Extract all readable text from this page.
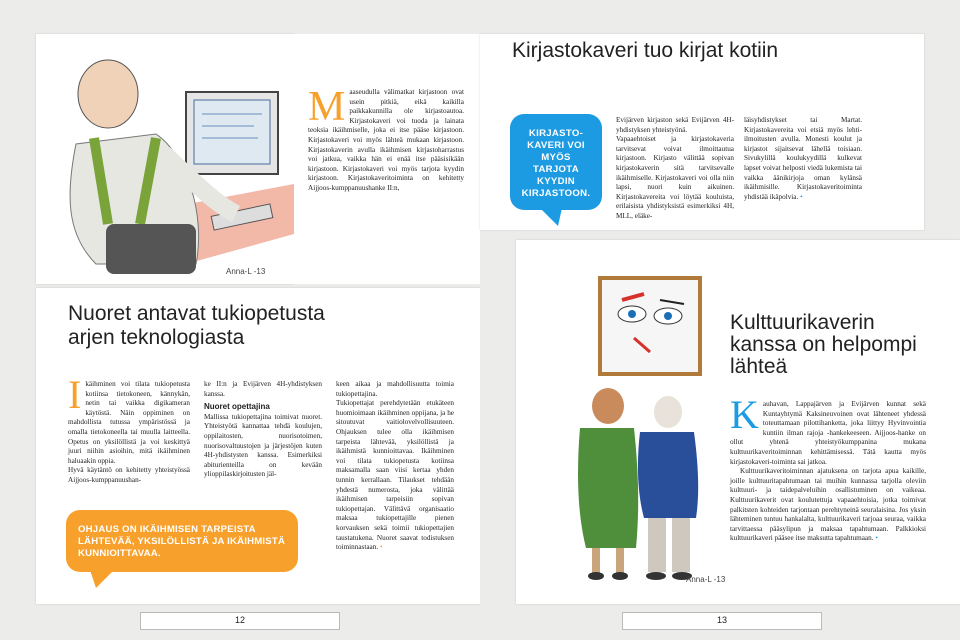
Anna-L -13
M aaseudulla välimatkat kirjastoon ovat usein pitkiä, eikä kaikilla paikkakunnilla ole kirjastoautoa. Kirjastokaveri voi tuoda ja lainata teoksia ikäihmiselle, joka ei itse pääse kirjastoon. Kirjastokaveri voi myös lähteä mukaan kirjastoon. Kirjastokaverin avulla ikäihmisen kirjastoharrastus voi jatkua, vaikka hän ei enää itse pääsisikään kirjastoon. Kirjastokaveri voi myös tarjota kyydin kirjastoon. Kirjastokaveritoiminta on kehitetty Aijjoos-kumppanuushanke II:n,
Nuoret antavat tukiopetusta arjen teknologiasta
I käihminen voi tilata tukiopetusta kotiinsa tietokoneen, kännykän, netin tai vaikka digikameran käytöstä. Näin oppiminen on mahdollista tutussa ympäristössä ja omalla tietokoneella tai muulla laitteella. Opetus on yksilöllistä ja voi keskittyä juuri niihin asioihin, mitä ikäihminen haluaakin oppia.
Hyvä käytäntö on kehitetty yhteistyössä Aijjoos-kumppanuushan-

ke II:n ja Evijärven 4H-yhdistyksen kanssa.

Nuoret opettajina

Mallissa tukiopettajina toimivat nuoret. Yhteistyötä kannattaa tehdä koulujen, oppilaitosten, nuorisotoimen, nuorisovaltuustojen ja järjestöjen kuten 4H-yhdistysten kanssa. Esimerkiksi abiturienteilla on kevään ylioppilaskirjoitusten jäl-

keen aikaa ja mahdollisuutta toimia tukiopettajina.
Tukiopettajat perehdytetään etukäteen huomioimaan ikäihminen oppijana, ja he sitoutuvat vaitiolovelvollisuuteen. Ohjauksen tulee olla ikäihmisen tarpeista lähtevää, yksilöllistä ja ikäihmistä kunnioittavaa. Ikäihminen voi tilata tukiopetusta kotiinsa maksamalla saan viisi kertaa yhden tunnin kerrallaan. Tilaukset tehdään yhdestä numerosta, joka välittää ikäihmisen tarpeisiin sopivan tukiopettajan. Välittävä organisaatio maksaa tukiopettajille pienen korvauksen sekä toimii tukiopettajien taustatukena. Nuoret saavat todistuksen toiminnastaan. •
OHJAUS ON IKÄIHMISEN TARPEISTA LÄHTEVÄÄ, YKSILÖLLISTÄ JA IKÄIHMISTÄ KUNNIOITTAVAA.
12
Kirjastokaveri tuo kirjat kotiin
KIRJASTO-KAVERI VOI MYÖS TARJOTA KYYDIN KIRJASTOON.
Evijärven kirjaston sekä Evijärven 4H-yhdistyksen yhteistyönä.
Vapaaehtoiset ja kirjastokaveria tarvitsevat voivat ilmoittautua kirjastoon. Kirjasto välittää sopivan kirjastokaverin sitä tarvitsevalle ikäihmiselle. Kirjastokaveri voi olla niin lapsi, nuori kuin aikuinen. Kirjastokavereita voi löytää kouluista, erilaisista yhdistyksistä esimerkiksi 4H, MLL, eläke-
läisyhdistykset tai Martat. Kirjastokavereita voi etsiä myös lehti-ilmoitusten avulla. Monesti koulut ja kirjastot sijaitsevat lähellä toisiaan. Sivukylillä koulukyydillä kulkevat lapset voivat helposti viedä lukemista tai vaikka äänikirjoja oman kylänsä ikäihmisille. Kirjastokaveritoiminta yhdistää ikäpolvia. •
Anna-L -13
Kulttuurikaverin kanssa on helpompi lähteä

K auhavan, Lappajärven ja Evijärven kunnat sekä Kuntayhtymä Kaksineuvoinen ovat lähteneet yhdessä toteuttamaan pilottihanketta, joka liittyy Hyvinvointia kuntiin ilman rajoja -hankekeeseen. Aijjoos-hanke on ollut yhtenä yhteistyökumppanina mukana kulttuurikaveritoiminnan kehittämisessä. Tätä kautta myös kirjastokaveri-toiminta sai jatkoa.

Kulttuurikaveritoiminnan ajatuksena on tarjota apua kaikille, joille kulttuuritapahtumaan tai muihin kunnassa tarjolla oleviin kulttuuri- ja taidepalveluihin osallistuminen on vaikeaa. Kulttuurikaverit ovat koulutettuja vapaaehtoisia, jotka toimivat palkitsten kohteiden tarjontaan perehtyneinä seuralaisina. Jos yksin lähteminen tuntuu hankalalta, kulttuurikaveri tarjoaa seuraa, vaikka tarvittaessa pääsylipun ja maksaa tapahtumaan. Palkkioksi kulttuurikaveri pääsee itse maksutta tapahtumaan. •

13
